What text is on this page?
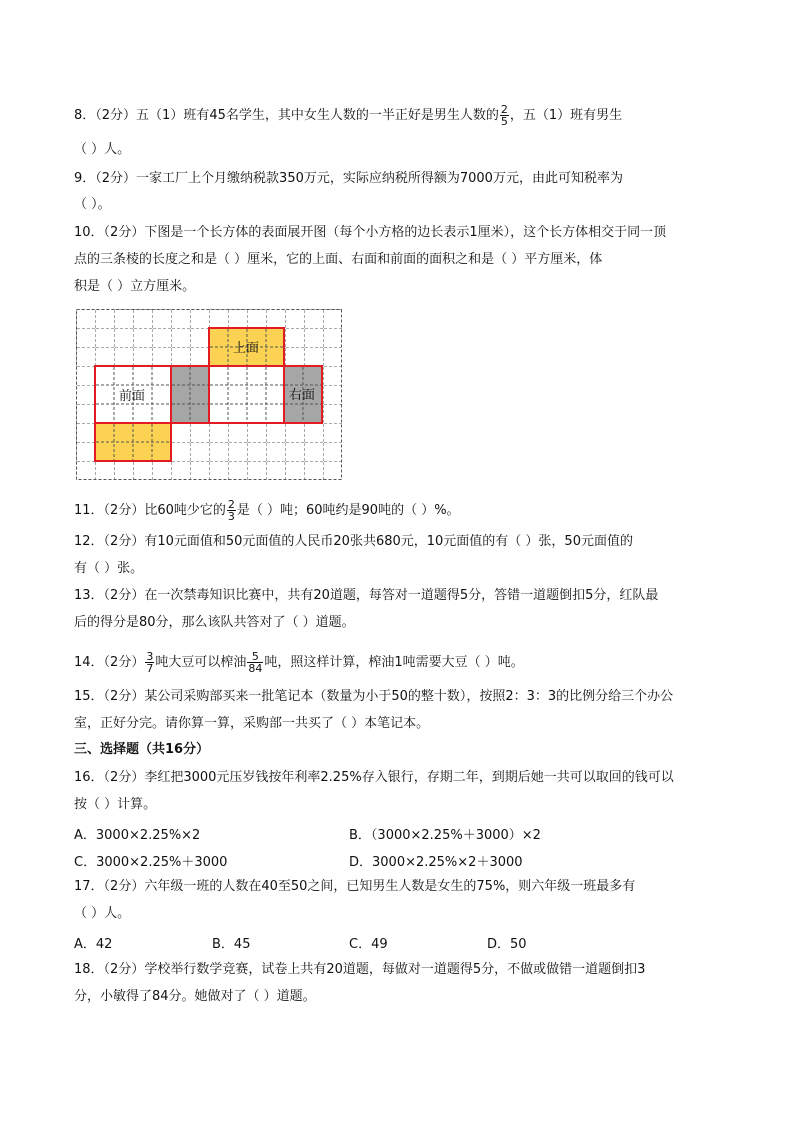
8．（2分）五（1）班有45名学生，其中女生人数的一半正好是男生人数的 $\frac{2}{5}$ ，五（1）班有男生
（ ）人。
9．（2分）一家工厂上个月缴纳税款350万元，实际应纳税所得额为7000万元，由此可知税率为
（ ）。
10．（2分）下图是一个长方体的表面展开图（每个小方格的边长表示1厘米），这个长方体相交于同一顶
点的三条棱的长度之和是（ ）厘米，它的上面、右面和前面的面积之和是（ ）平方厘米，体
积是（ ）立方厘米。
上面
前面	右面
11．（2分）比60吨少它的 $\frac{2}{3}$ 是（ ）吨；60吨约是90吨的（ ）%。
12．（2分）有10元面值和50元面值的人民币20张共680元，10元面值的有（ ）张，50元面值的
有（ ）张。
13．（2分）在一次禁毒知识比赛中，共有20道题，每答对一道题得5分，答错一道题倒扣5分，红队最
后的得分是80分，那么该队共答对了（ ）道题。
14．（2分） $\frac{3}{7}$ 吨大豆可以榨油 $\frac{5}{84}$ 吨，照这样计算，榨油1吨需要大豆（ ）吨。
15．（2分）某公司采购部买来一批笔记本（数量为小于50的整十数），按照2：3：3的比例分给三个办公
室，正好分完。请你算一算，采购部一共买了（ ）本笔记本。
三、选择题（共16分）
16．（2分）李红把3000元压岁钱按年利率2.25%存入银行，存期二年，到期后她一共可以取回的钱可以
按（ ）计算。
A．3000×2.25%×2	B．（3000×2.25%＋3000）×2
C．3000×2.25%＋3000	D．3000×2.25%×2＋3000
17．（2分）六年级一班的人数在40至50之间，已知男生人数是女生的75%，则六年级一班最多有
（ ）人。
A．42	B．45	C．49	D．50
18．（2分）学校举行数学竞赛，试卷上共有20道题，每做对一道题得5分，不做或做错一道题倒扣3
分，小敏得了84分。她做对了（ ）道题。
